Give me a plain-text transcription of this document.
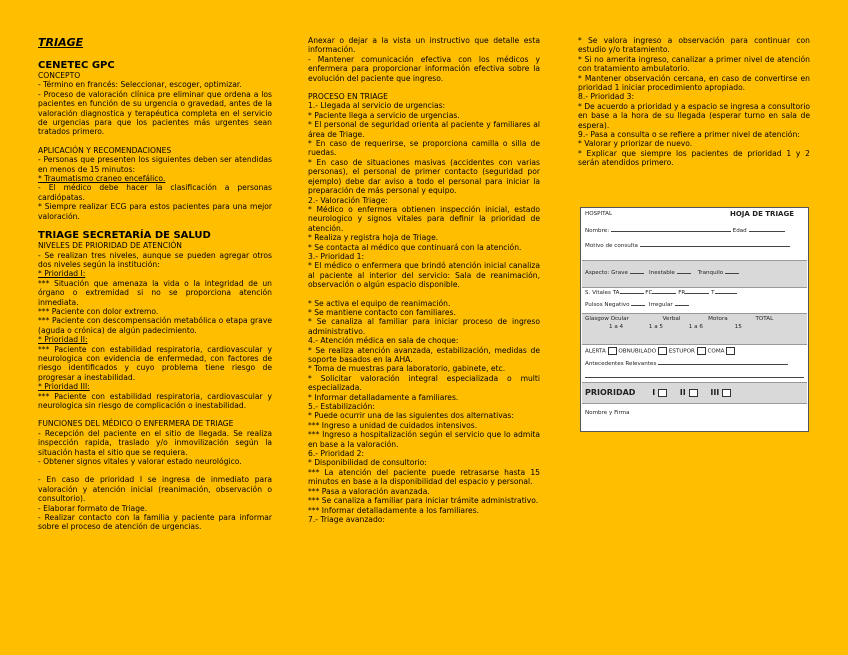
TRIAGE
CENETEC GPC

CONCEPTO

- Término en francés: Seleccionar, escoger, optimizar.

- Proceso de valoración clínica pre eliminar que ordena a los pacientes en función de su urgencia o gravedad, antes de la valoración diagnostica y terapéutica completa en el servicio de urgencias para que los pacientes más urgentes sean tratados primero.

APLICACIÓN Y RECOMENDACIONES

- Personas que presenten los siguientes deben ser atendidas en menos de 15 minutos:

* Traumatismo craneo encefálico.

- El médico debe hacer la clasificación a personas cardiópatas.

* Siempre realizar ECG para estos pacientes para una mejor valoración.

TRIAGE SECRETARÍA DE SALUD

NIVELES DE PRIORIDAD DE ATENCIÓN

- Se realizan tres niveles, aunque se pueden agregar otros dos niveles según la institución:

* Prioridad I:

*** Situación que amenaza la vida o la integridad de un órgano o extremidad si no se proporciona atención inmediata.

*** Paciente con dolor extremo.

*** Paciente con descompensación metabólica o etapa grave (aguda o crónica) de algún padecimiento.

* Prioridad II:

*** Paciente con estabilidad respiratoria, cardiovascular y neurologica con evidencia de enfermedad, con factores de riesgo identificados y cuyo problema tiene riesgo de progresar a inestabilidad.

* Prioridad III:

*** Paciente con estabilidad respiratoria, cardiovascular y neurologica sin riesgo de complicación o inestabilidad.

FUNCIONES DEL MÉDICO O ENFERMERA DE TRIAGE

- Recepción del paciente en el sitio de llegada. Se realiza inspección rapida, traslado y/o inmovilización según la situación hasta el sitio que se requiera.

- Obtener signos vitales y valorar estado neurológico.

- En caso de prioridad I se ingresa de inmediato para valoración y atención inicial (reanimación, observación o consultorio).

- Elaborar formato de Triage.

- Realizar contacto con la familia y paciente para informar sobre el proceso de atención de urgencias.

Anexar o dejar a la vista un instructivo que detalle esta información.

- Mantener comunicación efectiva con los médicos y enfermera para proporcionar información efectiva sobre la evolución del paciente que ingreso.

PROCESO EN TRIAGE

1.- Llegada al servicio de urgencias:

* Paciente llega a servicio de urgencias.

* El personal de seguridad orienta al paciente y familiares al área de Triage.

* En caso de requerirse, se proporciona camilla o silla de ruedas.

* En caso de situaciones masivas (accidentes con varias personas), el personal de primer contacto (seguridad por ejemplo) debe dar aviso a todo el personal para iniciar la preparación de más personal y equipo.

2.- Valoración Triage:

* Médico o enfermera obtienen inspección inicial, estado neurologico y signos vitales para definir la prioridad de atención.

* Realiza y registra hoja de Triage.

* Se contacta al médico que continuará con la atención.

3.- Prioridad 1:

* El médico o enfermera que brindó atención inicial canaliza al paciente al interior del servicio: Sala de reanimación, observación o algún espacio disponible.

* Se activa el equipo de reanimación.

* Se mantiene contacto con familiares.

* Se canaliza al familiar para iniciar proceso de ingreso administrativo.

4.- Atención médica en sala de choque:

* Se realiza atención avanzada, estabilización, medidas de soporte basados en la AHA.

* Toma de muestras para laboratorio, gabinete, etc.

* Solicitar valoración integral especializada o multi especializada.

* Informar detalladamente a familiares.

5.- Estabilización:

* Puede ocurrir una de las siguientes dos alternativas:

*** Ingreso a unidad de cuidados intensivos.

*** Ingreso a hospitalización según el servicio que lo admita en base a la valoración.

6.- Prioridad 2:

* Disponibilidad de consultorio:

*** La atención del paciente puede retrasarse hasta 15 minutos en base a la disponibilidad del espacio y personal.

*** Pasa a valoración avanzada.

*** Se canaliza a familiar para iniciar trámite administrativo.

*** Informar detalladamente a los familiares.

7.- Triage avanzado:

* Se valora ingreso a observación para continuar con estudio y/o tratamiento.

* Si no amerita ingreso, canalizar a primer nivel de atención con tratamiento ambulatorio.

* Mantener observación cercana, en caso de convertirse en prioridad 1 iniciar procedimiento apropiado.

8.- Prioridad 3:

* De acuerdo a prioridad y a espacio se ingresa a consultorio en base a la hora de su llegada (esperar turno en sala de espera).

9.- Pasa a consulta o se refiere a primer nivel de atención:

* Valorar y priorizar de nuevo.

* Explicar que siempre los pacientes de prioridad 1 y 2 serán atendidos primero.

HOSPITAL	HOJA DE TRIAGE
Nombre:	Edad
Motivo de consulta
Aspecto: Grave	Inestable	Tranquilo
S. Vitales TA	FC	FR	T
Pulsos Negativo	Irregular
Glasgow Ocular	Verbal	Motora	TOTAL
1 a 4	1 a 5	1 a 6	15
ALERTA OBNUBILADO ESTUPOR COMA
Antecedentes Relevantes
PRIORIDAD I	II	III
Nombre y Firma
